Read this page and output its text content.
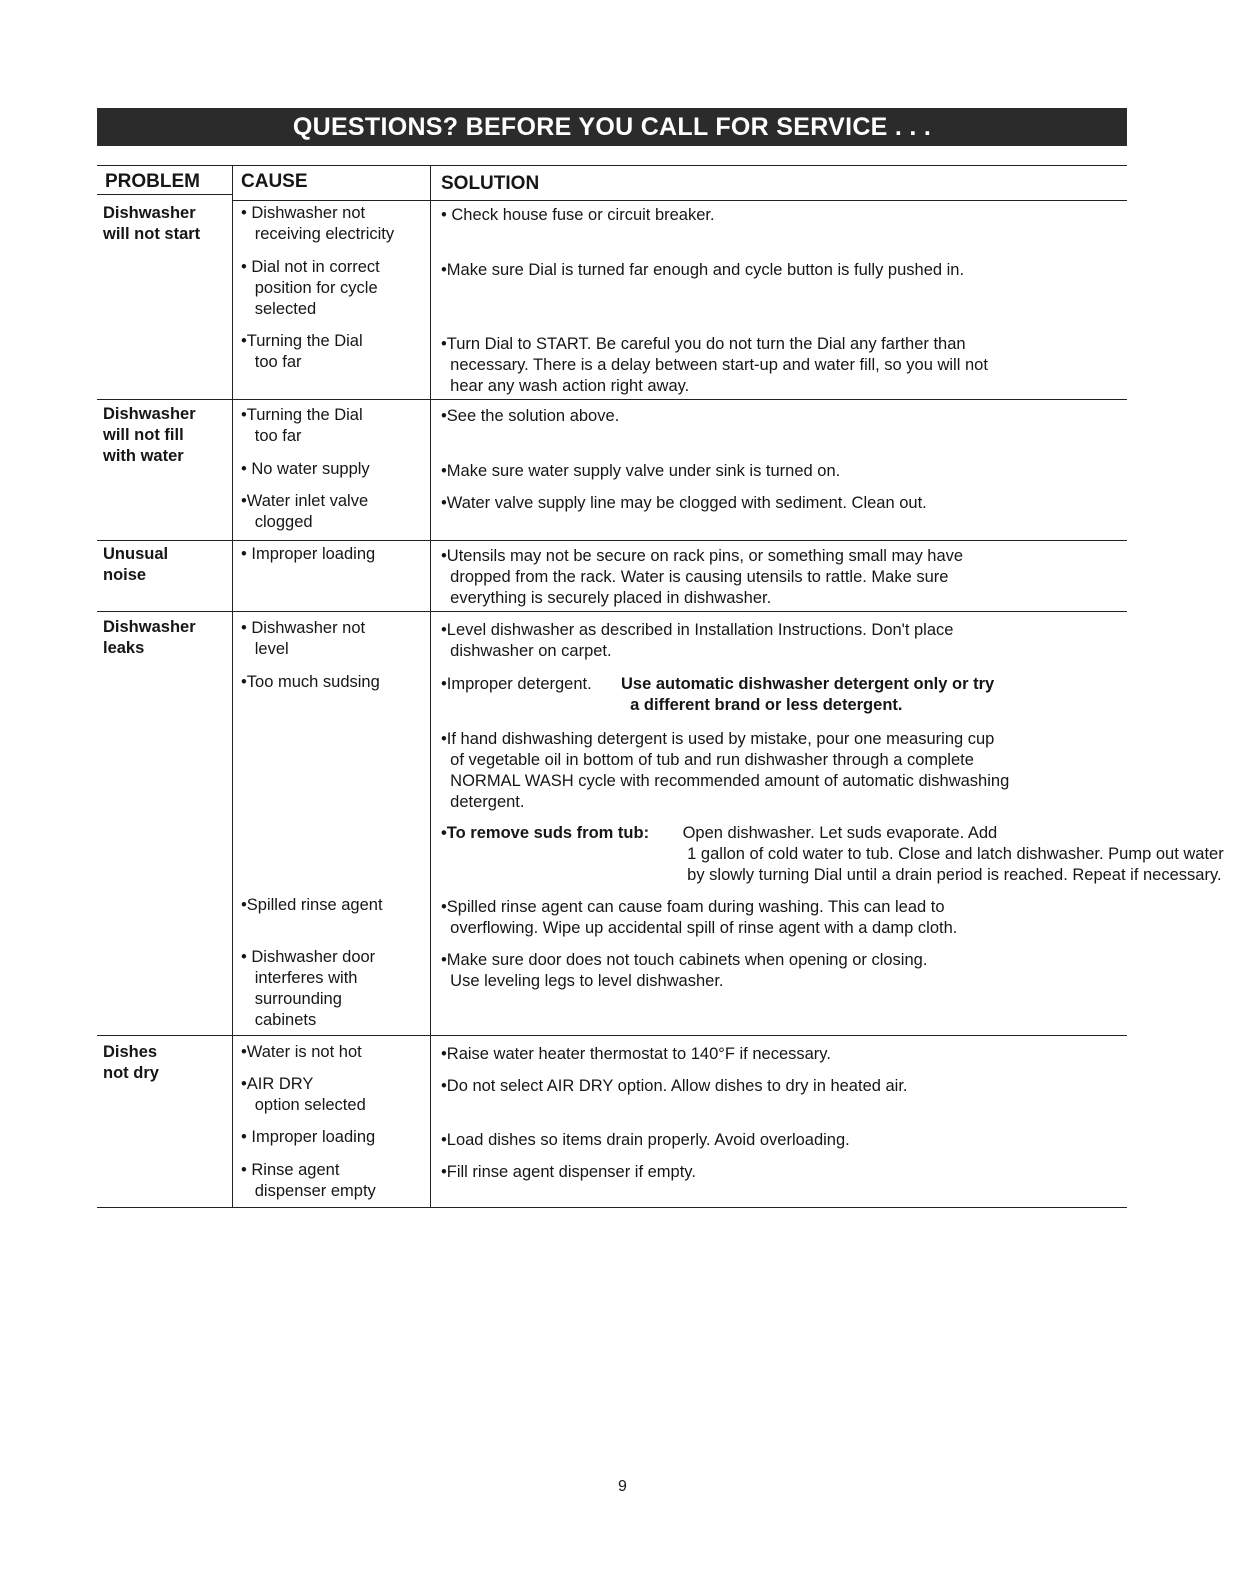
QUESTIONS? BEFORE YOU CALL FOR SERVICE . . .
PROBLEM CAUSE	SOLUTION
Dishwasher
will not start
• Dishwasher not
receiving electricity
• Dial not in correct
position for cycle
selected
•Turning the Dial
too far
• Check house fuse or circuit breaker.
•Make sure Dial is turned far enough and cycle button is fully pushed in.
•Turn Dial to START. Be careful you do not turn the Dial any farther than
necessary. There is a delay between start-up and water fill, so you will not
hear any wash action right away.
Dishwasher
will not fill
with water
•Turning the Dial
too far
• No water supply
•Water inlet valve
clogged
•See the solution above.
•Make sure water supply valve under sink is turned on.
•Water valve supply line may be clogged with sediment. Clean out.
Unusual
noise
• Improper loading	•Utensils may not be secure on rack pins, or something small may have
dropped from the rack. Water is causing utensils to rattle. Make sure
everything is securely placed in dishwasher.
Dishwasher
leaks
• Dishwasher not
level
•Too much sudsing
•Spilled rinse agent
• Dishwasher door
interferes with
surrounding
cabinets
•Level dishwasher as described in Installation Instructions. Don't place
dishwasher on carpet.
•Improper detergent. Use automatic dishwasher detergent only or try
a different brand or less detergent.
•If hand dishwashing detergent is used by mistake, pour one measuring cup
of vegetable oil in bottom of tub and run dishwasher through a complete
NORMAL WASH cycle with recommended amount of automatic dishwashing
detergent.
•To remove suds from tub: Open dishwasher. Let suds evaporate. Add
1 gallon of cold water to tub. Close and latch dishwasher. Pump out water
by slowly turning Dial until a drain period is reached. Repeat if necessary.
•Spilled rinse agent can cause foam during washing. This can lead to
overflowing. Wipe up accidental spill of rinse agent with a damp cloth.
•Make sure door does not touch cabinets when opening or closing.
Use leveling legs to level dishwasher.
Dishes
not dry
•Water is not hot
•AIR DRY
option selected
• Improper loading
• Rinse agent
dispenser empty
•Raise water heater thermostat to 140°F if necessary.
•Do not select AIR DRY option. Allow dishes to dry in heated air.
•Load dishes so items drain properly. Avoid overloading.
•Fill rinse agent dispenser if empty.
9
